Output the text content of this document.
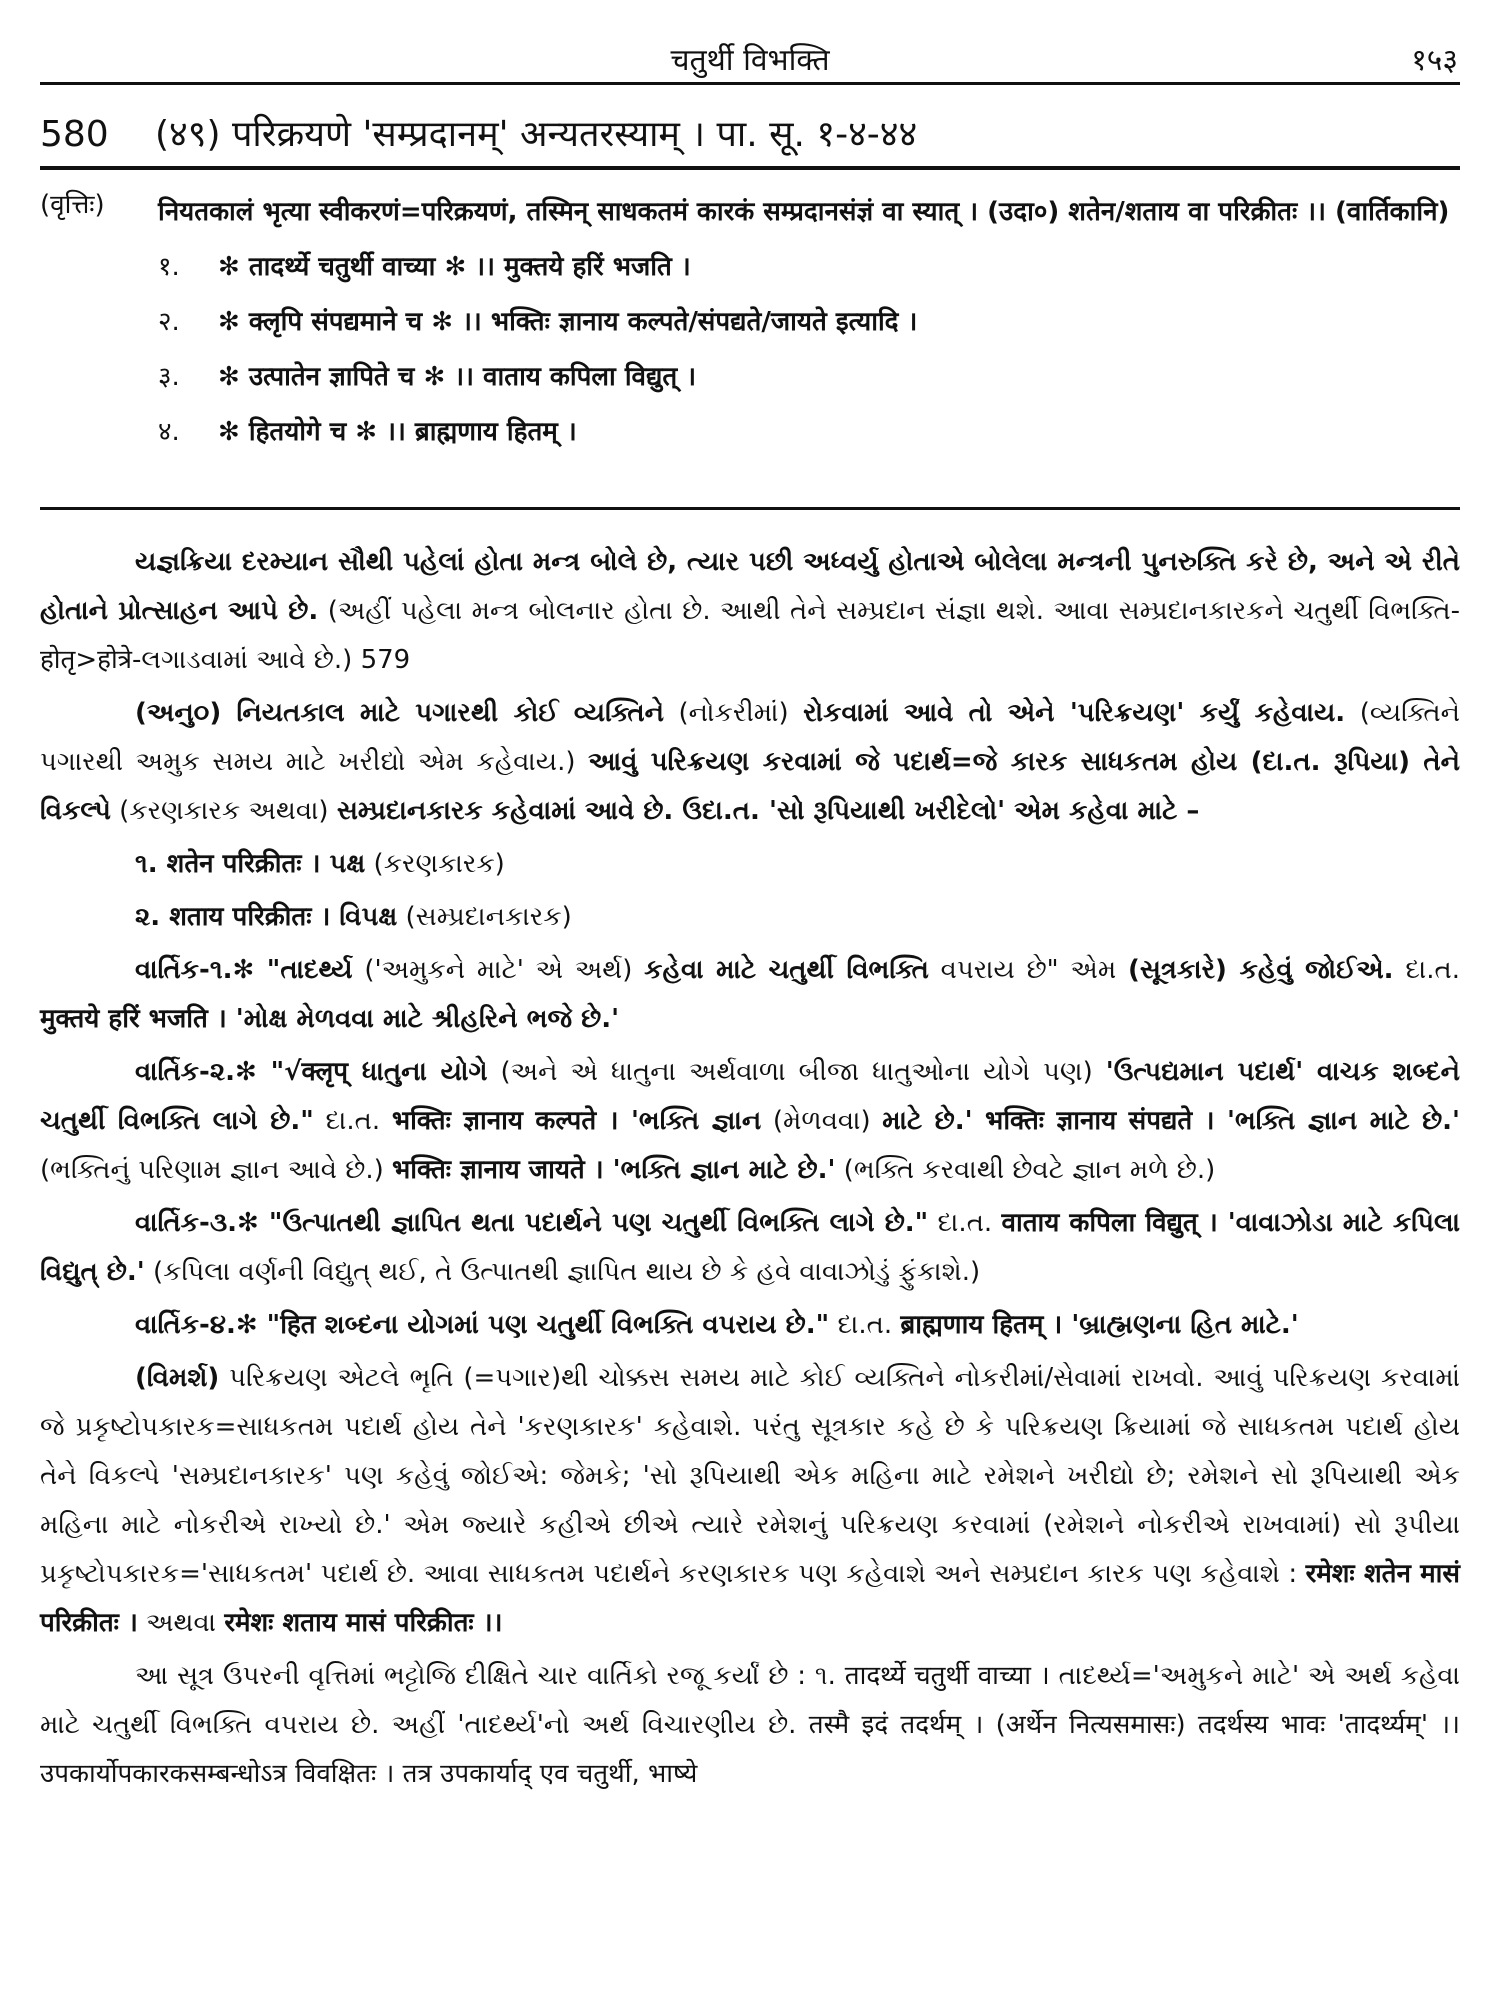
चतुर्थी विभक्ति	१५३
580 (४९) परिक्रयणे 'सम्प्रदानम्' अन्यतरस्याम् । पा. सू. १-४-४४
(वृत्तिः) नियतकालं भृत्या स्वीकरणं=परिक्रयणं, तस्मिन् साधकतमं कारकं सम्प्रदानसंज्ञं वा स्यात् । (उदा०) शतेन/शताय वा परिक्रीतः ।। (वार्तिकानि)
१. ✻ तादर्थ्ये चतुर्थी वाच्या ✻ ।। मुक्तये हरिं भजति ।
२. ✻ क्लृपि संपद्यमाने च ✻ ।। भक्तिः ज्ञानाय कल्पते/संपद्यते/जायते इत्यादि ।
३. ✻ उत्पातेन ज्ञापिते च ✻ ।। वाताय कपिला विद्युत् ।
४. ✻ हितयोगे च ✻ ।। ब्राह्मणाय हितम् ।

યજ્ઞક્રિયા દરમ્યાન સૌથી પહેલાં હોતા મન્ત્ર બોલે છે, ત્યાર પછી અધ્વર્યુ હોતાએ બોલેલા મન્ત્રની પુનરુક્તિ કરે છે, અને એ રીતે હોતાને પ્રોત્સાહન આપે છે. (અહીં પહેલા મન્ત્ર બોલનાર હોતા છે. આથી તેને સમ્પ્રદાન સંજ્ઞા થશે. આવા સમ્પ્રદાનકારકને ચતુર્થી વિભક્તિ-होतृ>होत्रे-લગાડવામાં આવે છે.) 579

(અનુ૦) નિયતકાલ માટે પગારથી કોઈ વ્યક્તિને (નોકરીમાં) રોકવામાં આવે તો એને 'પરિક્રયણ' કર્યું કહેવાય. (વ્યક્તિને પગારથી અમુક સમય માટે ખરીદ્યો એમ કહેવાય.) આવું પરિક્રયણ કરવામાં જે પદાર્થ=જે કારક સાધકતમ હોય (દા.ત. રૂપિયા) તેને વિકલ્પે (કરણકારક અથવા) સમ્પ્રદાનકારક કહેવામાં આવે છે. ઉદા.ત. 'સો રૂપિયાથી ખરીદેલો' એમ કહેવા માટે –

૧. शतेन परिक्रीतः । પક્ષ (કરણકારક)

૨. शताय परिक्रीतः । વિપક્ષ (સમ્પ્રદાનકારક)

વાર્તિક-૧.✻ "તાદર્થ્ય ('અમુકને માટે' એ અર્થ) કહેવા માટે ચતુર્થી વિભક્તિ વપરાય છે" એમ (સૂત્રકારે) કહેવું જોઈએ. દા.ત. मुक्तये हरिं भजति । 'મોક્ષ મેળવવા માટે શ્રીહરિને ભજે છે.'

વાર્તિક-૨.✻ "√क्लृप् ધાતુના યોગે (અને એ ધાતુના અર્થવાળા બીજા ધાતુઓના યોગે પણ) 'ઉત્પદ્યમાન પદાર્થ' વાચક શબ્દને ચતુર્થી વિભક્તિ લાગે છે." દા.ત. भक्तिः ज्ञानाय कल्पते । 'ભક્તિ જ્ઞાન (મેળવવા) માટે છે.' भक्तिः ज्ञानाय संपद्यते । 'ભક્તિ જ્ઞાન માટે છે.' (ભક્તિનું પરિણામ જ્ઞાન આવે છે.) भक्तिः ज्ञानाय जायते । 'ભક્તિ જ્ઞાન માટે છે.' (ભક્તિ કરવાથી છેવટે જ્ઞાન મળે છે.)

વાર્તિક-૩.✻ "ઉત્પાતથી જ્ઞાપિત થતા પદાર્થને પણ ચતુર્થી વિભક્તિ લાગે છે." દા.ત. वाताय कपिला विद्युत् । 'વાવાઝોડા માટે કપિલા વિદ્યુત્ છે.' (કપિલા વર્ણની વિદ્યુત્ થઈ, તે ઉત્પાતથી જ્ઞાપિત થાય છે કે હવે વાવાઝોડું ફુંકાશે.)

વાર્તિક-૪.✻ "हित શબ્દના યોગમાં પણ ચતુર્થી વિભક્તિ વપરાય છે." દા.ત. ब्राह्मणाय हितम् । 'બ્રાહ્મણના હિત માટે.'

(વિમર્શ) પરિક્રયણ એટલે ભૃતિ (=પગાર)થી ચોક્કસ સમય માટે કોઈ વ્યક્તિને નોકરીમાં/સેવામાં રાખવો. આવું પરિક્રયણ કરવામાં જે પ્રકૃષ્ટોપકારક=સાધકતમ પદાર્થ હોય તેને 'કરણકારક' કહેવાશે. પરંતુ સૂત્રકાર કહે છે કે પરિક્રયણ ક્રિયામાં જે સાધકતમ પદાર્થ હોય તેને વિકલ્પે 'સમ્પ્રદાનકારક' પણ કહેવું જોઈએ: જેમકે; 'સો રૂપિયાથી એક મહિના માટે રમેશને ખરીદ્યો છે; રમેશને સો રૂપિયાથી એક મહિના માટે નોકરીએ રાખ્યો છે.' એમ જ્યારે કહીએ છીએ ત્યારે રમેશનું પરિક્રયણ કરવામાં (રમેશને નોકરીએ રાખવામાં) સો રૂપીયા પ્રકૃષ્ટોપકારક='સાધકતમ' પદાર્થ છે. આવા સાધકતમ પદાર્થને કરણકારક પણ કહેવાશે અને સમ્પ્રદાન કારક પણ કહેવાશે : रमेशः शतेन मासं परिक्रीतः । અથવા रमेशः शताय मासं परिक्रीतः ।।

આ સૂત્ર ઉપરની વૃત્તિમાં ભટ્ટોજિ દીક્ષિતે ચાર વાર્તિકો રજૂ કર્યાં છે : ૧. तादर्थ्ये चतुर्थी वाच्या । તાદર્થ્ય='અમુકને માટે' એ અર્થ કહેવા માટે ચતુર્થી વિભક્તિ વપરાય છે. અહીં 'તાદર્થ્ય'નો અર્થ વિચારણીય છે. तस्मै इदं तदर्थम् । (अर्थेन नित्यसमासः) तदर्थस्य भावः 'तादर्थ्यम्' ।। उपकार्योपकारकसम्बन्धोऽत्र विवक्षितः । तत्र उपकार्याद् एव चतुर्थी, भाष्ये
